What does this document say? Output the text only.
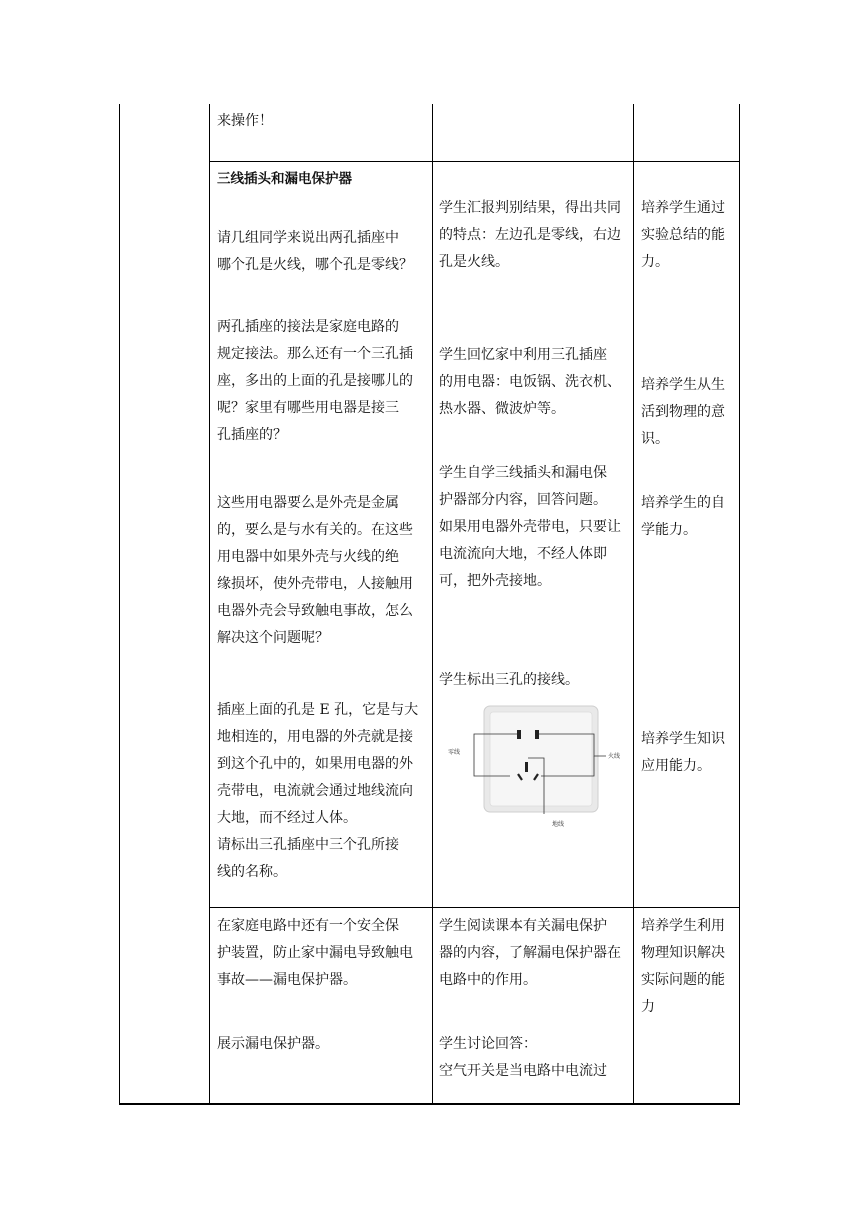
来操作！

三线插头和漏电保护器

请几组同学来说出两孔插座中

哪个孔是火线，哪个孔是零线？

两孔插座的接法是家庭电路的

规定接法。那么还有一个三孔插

座，多出的上面的孔是接哪儿的

呢？家里有哪些用电器是接三

孔插座的？

这些用电器要么是外壳是金属

的，要么是与水有关的。在这些

用电器中如果外壳与火线的绝

缘损坏，使外壳带电，人接触用

电器外壳会导致触电事故，怎么

解决这个问题呢？

插座上面的孔是 E 孔，它是与大

地相连的，用电器的外壳就是接

到这个孔中的，如果用电器的外

壳带电，电流就会通过地线流向

大地，而不经过人体。

请标出三孔插座中三个孔所接

线的名称。

学生汇报判别结果，得出共同

的特点：左边孔是零线，右边

孔是火线。

学生回忆家中利用三孔插座

的用电器：电饭锅、洗衣机、

热水器、微波炉等。

学生自学三线插头和漏电保

护器部分内容，回答问题。

如果用电器外壳带电，只要让

电流流向大地，不经人体即

可，把外壳接地。

学生标出三孔的接线。

零线
火线
地线

培养学生通过

实验总结的能

力。

培养学生从生

活到物理的意

识。

培养学生的自

学能力。

培养学生知识

应用能力。

在家庭电路中还有一个安全保

护装置，防止家中漏电导致触电

事故——漏电保护器。

展示漏电保护器。

学生阅读课本有关漏电保护

器的内容，了解漏电保护器在

电路中的作用。

学生讨论回答：

空气开关是当电路中电流过

培养学生利用

物理知识解决

实际问题的能

力
